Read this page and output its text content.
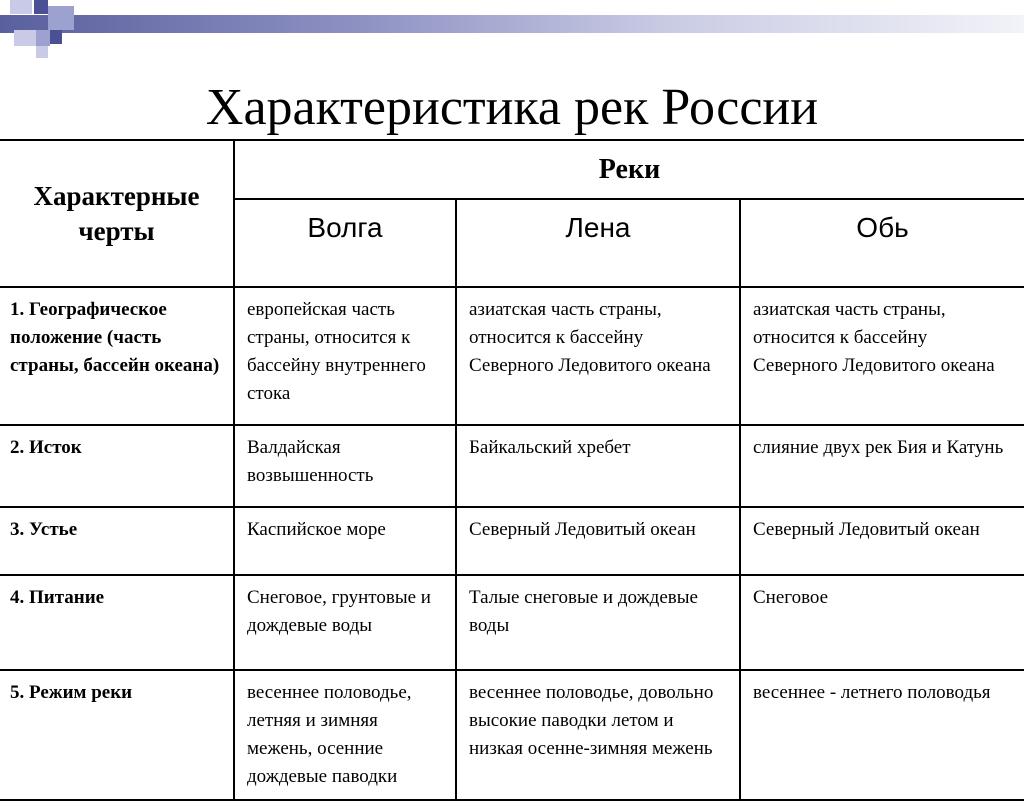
Характеристика рек России
Характерные черты	Реки		
	Волга	Лена	Обь
1. Географическое положение (часть страны, бассейн океана)	европейская часть страны, относится к бассейну внутреннего стока	азиатская часть страны, относится к бассейну Северного Ледовитого океана	азиатская часть страны, относится к бассейну Северного Ледовитого океана
2. Исток	Валдайская возвышенность	Байкальский хребет	слияние двух рек Бия и Катунь
3. Устье	Каспийское море	Северный Ледовитый океан	Северный Ледовитый океан
4. Питание	Снеговое, грунтовые и дождевые воды	Талые снеговые и дождевые воды	Снеговое
5. Режим реки	весеннее половодье, летняя и зимняя межень, осенние дождевые паводки	весеннее половодье, довольно высокие паводки летом и низкая осенне-зимняя межень	весеннее - летнего половодья
